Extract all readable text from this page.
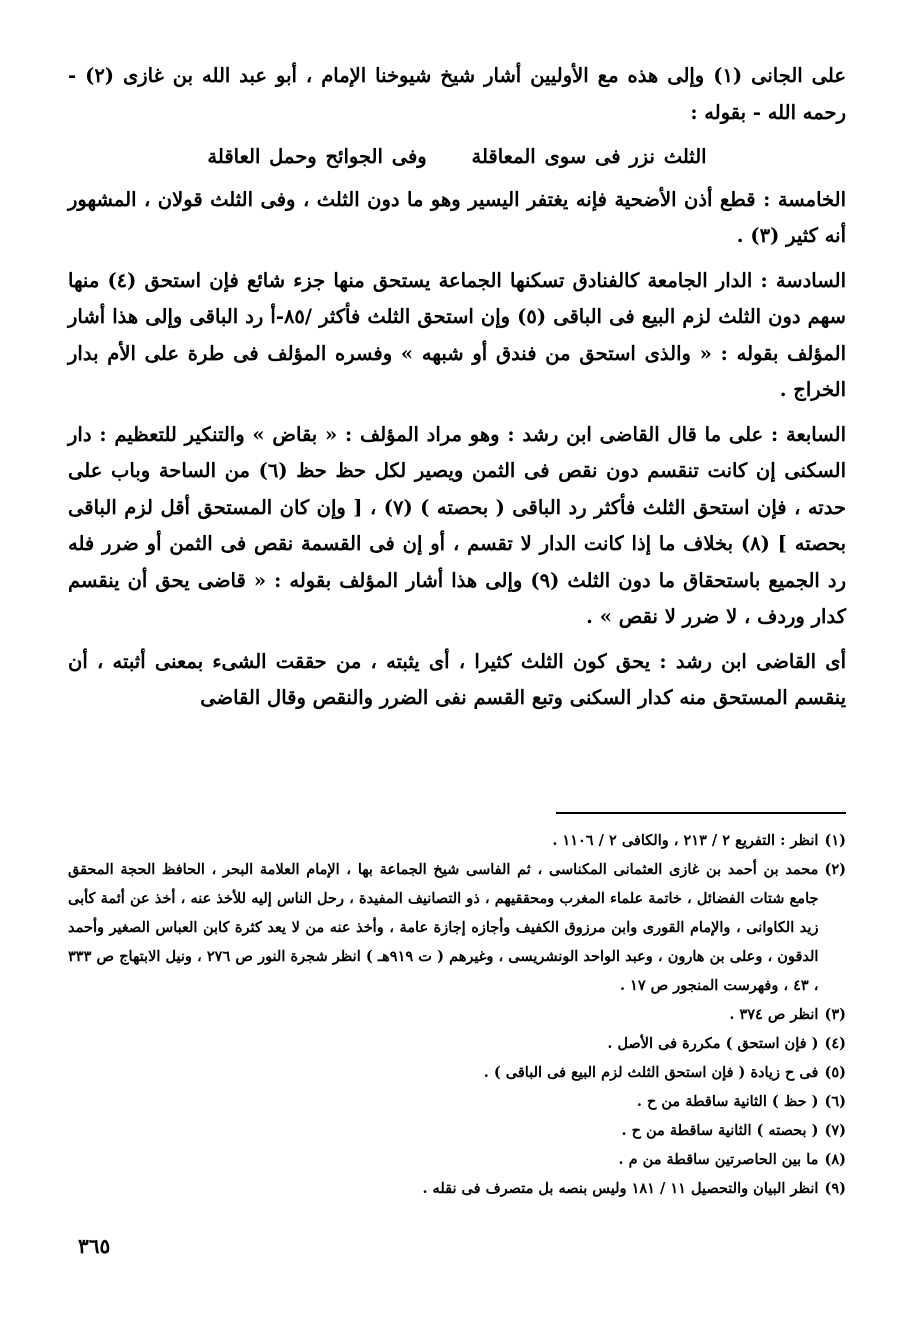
على الجانى (١) وإلى هذه مع الأوليين أشار شيخ شيوخنا الإمام ، أبو عبد الله بن غازى (٢) - رحمه الله - بقوله :

الثلث نزر فى سوى المعاقلة وفى الجوائح وحمل العاقلة

الخامسة : قطع أذن الأضحية فإنه يغتفر اليسير وهو ما دون الثلث ، وفى الثلث قولان ، المشهور أنه كثير (٣) .

السادسة : الدار الجامعة كالفنادق تسكنها الجماعة يستحق منها جزء شائع فإن استحق (٤) منها سهم دون الثلث لزم البيع فى الباقى (٥) وإن استحق الثلث فأكثر /٨٥-أ رد الباقى وإلى هذا أشار المؤلف بقوله : « والذى استحق من فندق أو شبهه » وفسره المؤلف فى طرة على الأم بدار الخراج .

السابعة : على ما قال القاضى ابن رشد : وهو مراد المؤلف : « بقاض » والتنكير للتعظيم : دار السكنى إن كانت تنقسم دون نقص فى الثمن ويصير لكل حظ حظ (٦) من الساحة وباب على حدته ، فإن استحق الثلث فأكثر رد الباقى ( بحصته ) (٧) ، [ وإن كان المستحق أقل لزم الباقى بحصته ] (٨) بخلاف ما إذا كانت الدار لا تقسم ، أو إن فى القسمة نقص فى الثمن أو ضرر فله رد الجميع باستحقاق ما دون الثلث (٩) وإلى هذا أشار المؤلف بقوله : « قاضى يحق أن ينقسم كدار وردف ، لا ضرر لا نقص » .

أى القاضى ابن رشد : يحق كون الثلث كثيرا ، أى يثبته ، من حققت الشىء بمعنى أثبته ، أن ينقسم المستحق منه كدار السكنى وتبع القسم نفى الضرر والنقص وقال القاضى

(١)
انظر : التفريع ٢ / ٢١٣ ، والكافى ٢ / ١١٠٦ .
(٢)
محمد بن أحمد بن غازى العثمانى المكناسى ، ثم الفاسى شيخ الجماعة بها ، الإمام العلامة البحر ، الحافظ الحجة المحقق جامع شتات الفضائل ، خاتمة علماء المغرب ومحققيهم ، ذو التصانيف المفيدة ، رحل الناس إليه للأخذ عنه ، أخذ عن أئمة كأبى زيد الكاوانى ، والإمام القورى وابن مرزوق الكفيف وأجازه إجازة عامة ، وأخذ عنه من لا يعد كثرة كابن العباس الصغير وأحمد الدقون ، وعلى بن هارون ، وعبد الواحد الونشريسى ، وغيرهم ( ت ٩١٩هـ ) انظر شجرة النور ص ٢٧٦ ، ونيل الابتهاج ص ٣٣٣ ، ٤٣ ، وفهرست المنجور ص ١٧ .
(٣)
انظر ص ٣٧٤ .
(٤)
( فإن استحق ) مكررة فى الأصل .
(٥)
فى ح زيادة ( فإن استحق الثلث لزم البيع فى الباقى ) .
(٦)
( حظ ) الثانية ساقطة من ح .
(٧)
( بحصته ) الثانية ساقطة من ح .
(٨)
ما بين الحاصرتين ساقطة من م .
(٩)
انظر البيان والتحصيل ١١ / ١٨١ وليس بنصه بل متصرف فى نقله .
٣٦٥
